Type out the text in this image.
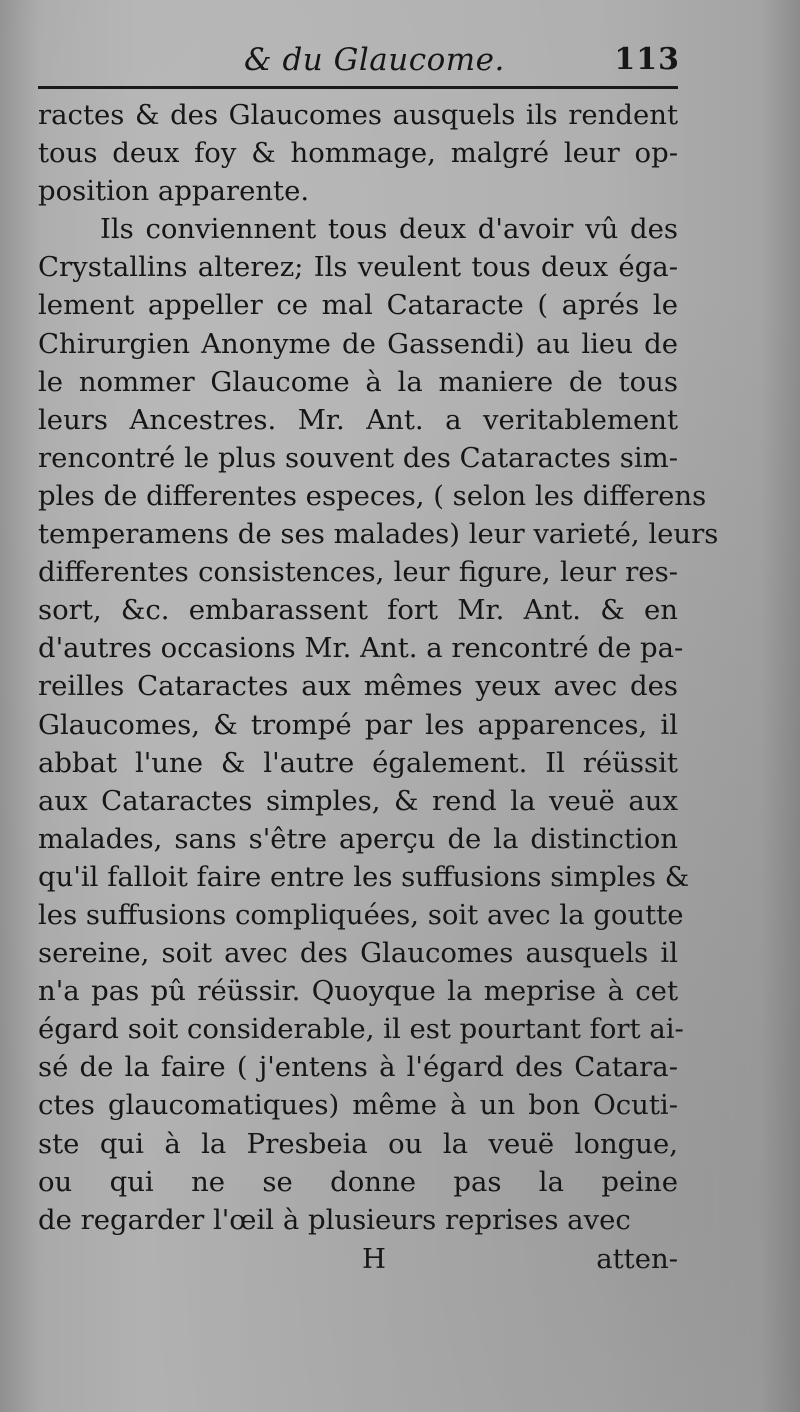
& du Glaucome.	113
ractes & des Glaucomes ausquels ils rendent
tous deux foy & hommage, malgré leur op-
position apparente.
Ils conviennent tous deux d'avoir vû des
Crystallins alterez; Ils veulent tous deux éga-
lement appeller ce mal Cataracte ( aprés le
Chirurgien Anonyme de Gassendi) au lieu de
le nommer Glaucome à la maniere de tous
leurs Ancestres. Mr. Ant. a veritablement
rencontré le plus souvent des Cataractes sim-
ples de differentes especes, ( selon les differens
temperamens de ses malades) leur varieté, leurs
differentes consistences, leur figure, leur res-
sort, &c. embarassent fort Mr. Ant. & en
d'autres occasions Mr. Ant. a rencontré de pa-
reilles Cataractes aux mêmes yeux avec des
Glaucomes, & trompé par les apparences, il
abbat l'une & l'autre également. Il réüssit
aux Cataractes simples, & rend la veuë aux
malades, sans s'être aperçu de la distinction
qu'il falloit faire entre les suffusions simples &
les suffusions compliquées, soit avec la goutte
sereine, soit avec des Glaucomes ausquels il
n'a pas pû réüssir. Quoyque la meprise à cet
égard soit considerable, il est pourtant fort ai-
sé de la faire ( j'entens à l'égard des Catara-
ctes glaucomatiques) même à un bon Ocuti-
ste qui à la Presbeia ou la veuë longue,
ou qui ne se donne pas la peine
de regarder l'œil à plusieurs reprises avec
H	atten-
